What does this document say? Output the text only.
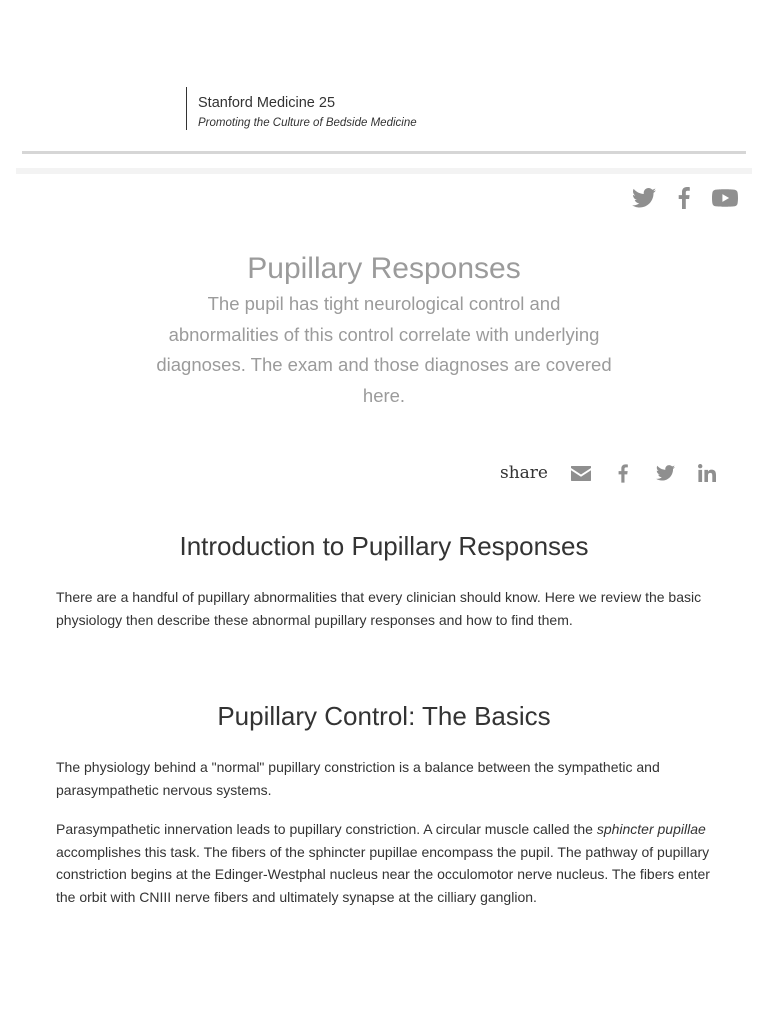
Stanford Medicine 25
Promoting the Culture of Bedside Medicine
Pupillary Responses

The pupil has tight neurological control and abnormalities of this control correlate with underlying diagnoses. The exam and those diagnoses are covered here.

share
Introduction to Pupillary Responses

There are a handful of pupillary abnormalities that every clinician should know. Here we review the basic physiology then describe these abnormal pupillary responses and how to find them.

Pupillary Control: The Basics

The physiology behind a "normal" pupillary constriction is a balance between the sympathetic and parasympathetic nervous systems.

Parasympathetic innervation leads to pupillary constriction. A circular muscle called the sphincter pupillae accomplishes this task. The fibers of the sphincter pupillae encompass the pupil. The pathway of pupillary constriction begins at the Edinger-Westphal nucleus near the occulomotor nerve nucleus. The fibers enter the orbit with CNIII nerve fibers and ultimately synapse at the cilliary ganglion.
